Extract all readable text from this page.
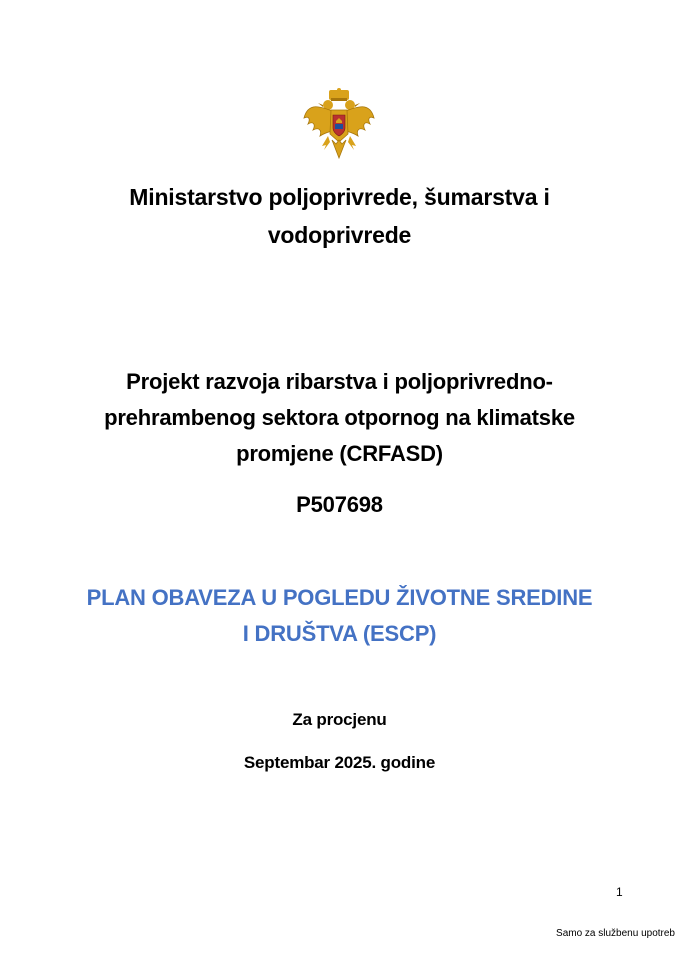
Ministarstvo poljoprivrede, šumarstva i
vodoprivrede
Projekt razvoja ribarstva i poljoprivredno-
prehrambenog sektora otpornog na klimatske
promjene (CRFASD)
P507698
PLAN OBAVEZA U POGLEDU ŽIVOTNE SREDINE
I DRUŠTVA (ESCP)
Za procjenu
Septembar 2025. godine
1
Samo za službenu upotreb
